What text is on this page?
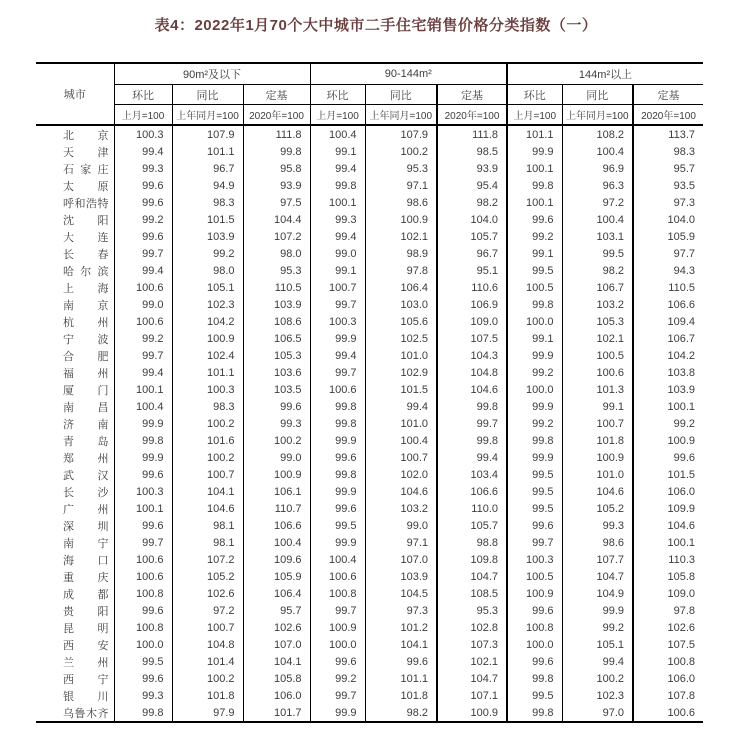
表4：2022年1月70个大中城市二手住宅销售价格分类指数（一）
城市	90m²及以下			90-144m²			144m²以上		
	环比	同比	定基	环比	同比	定基	环比	同比	定基
	上月=100	上年同月=100	2020年=100	上月=100	上年同月=100	2020年=100	上月=100	上年同月=100	2020年=100
北京	100.3	107.9	111.8	100.4	107.9	111.8	101.1	108.2	113.7
天津	99.4	101.1	99.8	99.1	100.2	98.5	99.9	100.4	98.3
石家庄	99.3	96.7	95.8	99.4	95.3	93.9	100.1	96.9	95.7
太原	99.6	94.9	93.9	99.8	97.1	95.4	99.8	96.3	93.5
呼和浩特	99.6	98.3	97.5	100.1	98.6	98.2	100.1	97.2	97.3
沈阳	99.2	101.5	104.4	99.3	100.9	104.0	99.6	100.4	104.0
大连	99.6	103.9	107.2	99.4	102.1	105.7	99.2	103.1	105.9
长春	99.7	99.2	98.0	99.0	98.9	96.7	99.1	99.5	97.7
哈尔滨	99.4	98.0	95.3	99.1	97.8	95.1	99.5	98.2	94.3
上海	100.6	105.1	110.5	100.7	106.4	110.6	100.5	106.7	110.5
南京	99.0	102.3	103.9	99.7	103.0	106.9	99.8	103.2	106.6
杭州	100.6	104.2	108.6	100.3	105.6	109.0	100.0	105.3	109.4
宁波	99.2	100.9	106.5	99.9	102.5	107.5	99.1	102.1	106.7
合肥	99.7	102.4	105.3	99.4	101.0	104.3	99.9	100.5	104.2
福州	99.4	101.1	103.6	99.7	102.9	104.8	99.2	100.6	103.8
厦门	100.1	100.3	103.5	100.6	101.5	104.6	100.0	101.3	103.9
南昌	100.4	98.3	99.6	99.8	99.4	99.8	99.9	99.1	100.1
济南	99.9	100.2	99.3	99.8	101.0	99.7	99.2	100.7	99.2
青岛	99.8	101.6	100.2	99.9	100.4	99.8	99.8	101.8	100.9
郑州	99.9	100.2	99.0	99.6	100.7	99.4	99.9	100.9	99.6
武汉	99.6	100.7	100.9	99.8	102.0	103.4	99.5	101.0	101.5
长沙	100.3	104.1	106.1	99.9	104.6	106.6	99.5	104.6	106.0
广州	100.1	104.6	110.7	99.6	103.2	110.0	99.5	105.2	109.9
深圳	99.6	98.1	106.6	99.5	99.0	105.7	99.6	99.3	104.6
南宁	99.7	98.1	100.4	99.9	97.1	98.8	99.7	98.6	100.1
海口	100.6	107.2	109.6	100.4	107.0	109.8	100.3	107.7	110.3
重庆	100.6	105.2	105.9	100.6	103.9	104.7	100.5	104.7	105.8
成都	100.8	102.6	106.4	100.8	104.5	108.5	100.9	104.9	109.0
贵阳	99.6	97.2	95.7	99.7	97.3	95.3	99.6	99.9	97.8
昆明	100.8	100.7	102.6	100.9	101.2	102.8	100.8	99.2	102.6
西安	100.0	104.8	107.0	100.0	104.1	107.3	100.0	105.1	107.5
兰州	99.5	101.4	104.1	99.6	99.6	102.1	99.6	99.4	100.8
西宁	99.6	100.2	105.8	99.2	101.1	104.7	99.8	100.2	106.0
银川	99.3	101.8	106.0	99.7	101.8	107.1	99.5	102.3	107.8
乌鲁木齐	99.8	97.9	101.7	99.9	98.2	100.9	99.8	97.0	100.6
